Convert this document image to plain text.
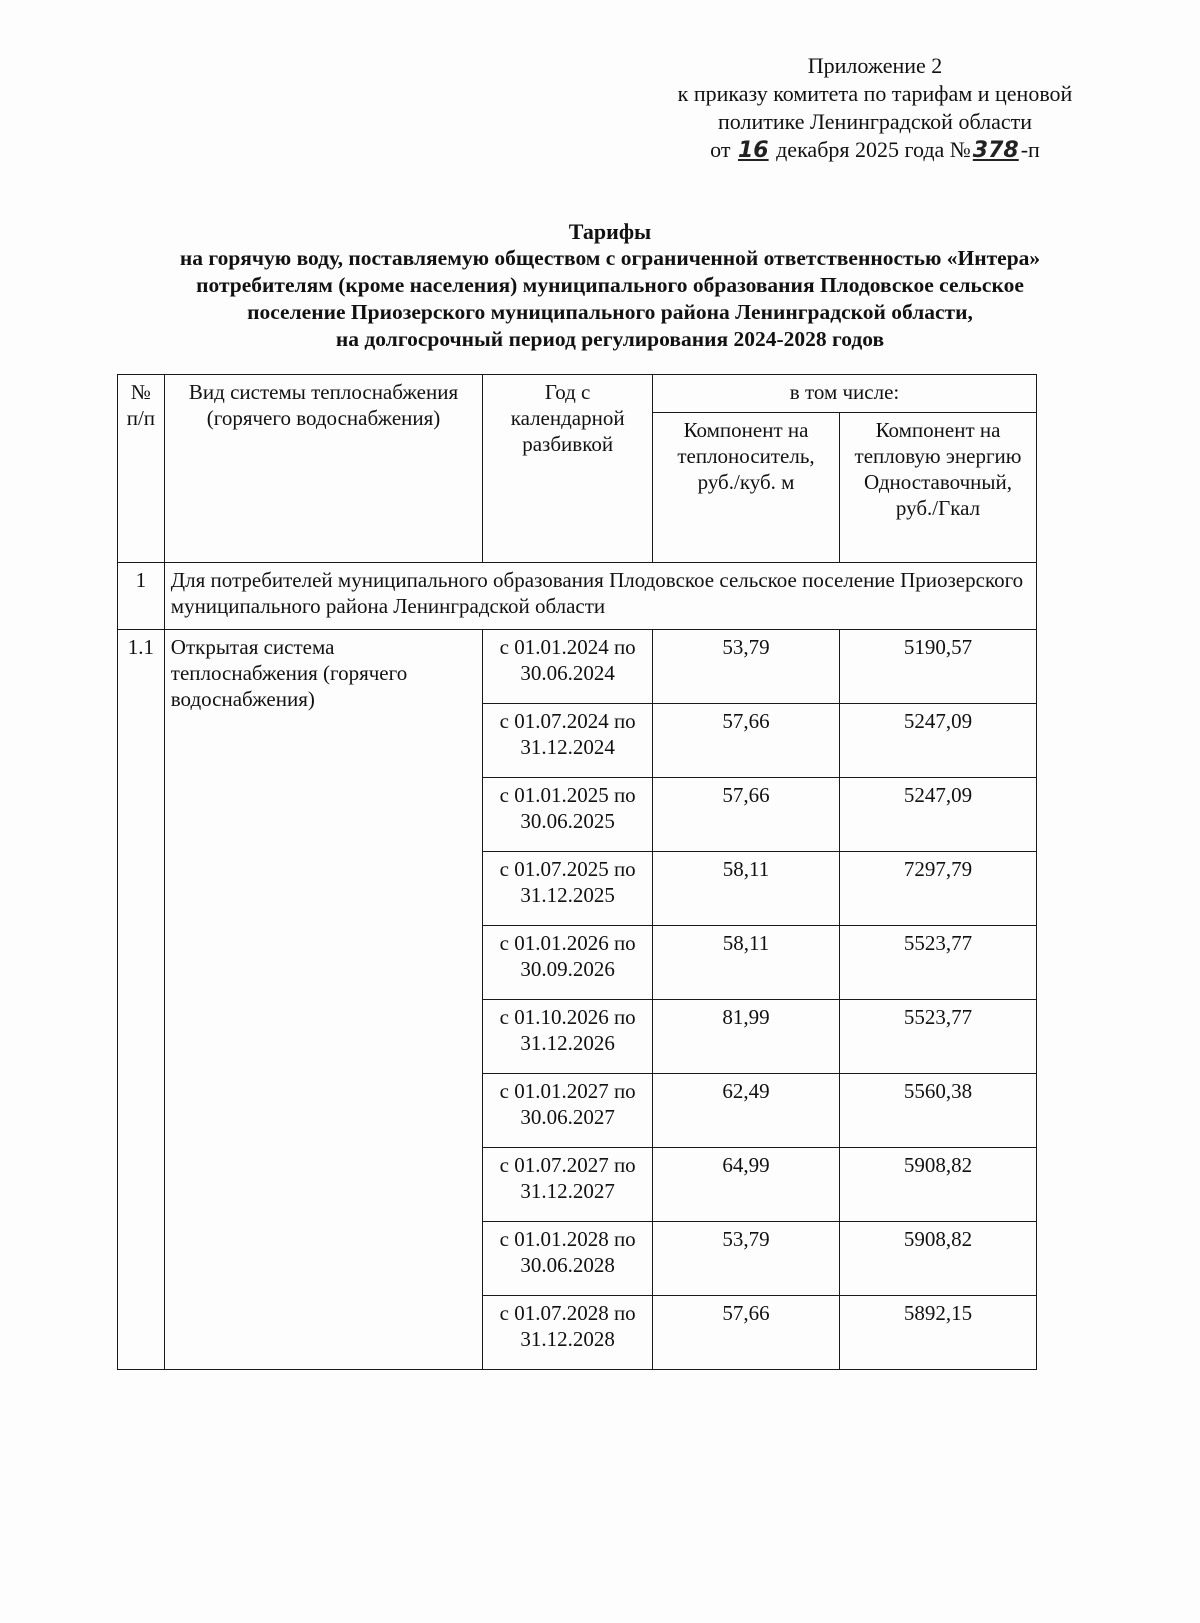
Приложение 2
к приказу комитета по тарифам и ценовой
политике Ленинградской области
от 16 декабря 2025 года №378-п
Тарифы
на горячую воду, поставляемую обществом с ограниченной ответственностью «Интера»
потребителям (кроме населения) муниципального образования Плодовское сельское
поселение Приозерского муниципального района Ленинградской области,
на долгосрочный период регулирования 2024-2028 годов
№ п/п	Вид системы теплоснабжения (горячего водоснабжения)	Год с календарной разбивкой	в том числе:	
			Компонент на теплоноситель, руб./куб. м	Компонент на тепловую энергию Одноставочный, руб./Гкал
1	Для потребителей муниципального образования Плодовское сельское поселение Приозерского муниципального района Ленинградской области			
1.1	Открытая система теплоснабжения (горячего водоснабжения)	с 01.01.2024 по 30.06.2024	53,79	5190,57
		с 01.07.2024 по 31.12.2024	57,66	5247,09
		с 01.01.2025 по 30.06.2025	57,66	5247,09
		с 01.07.2025 по 31.12.2025	58,11	7297,79
		с 01.01.2026 по 30.09.2026	58,11	5523,77
		с 01.10.2026 по 31.12.2026	81,99	5523,77
		с 01.01.2027 по 30.06.2027	62,49	5560,38
		с 01.07.2027 по 31.12.2027	64,99	5908,82
		с 01.01.2028 по 30.06.2028	53,79	5908,82
		с 01.07.2028 по 31.12.2028	57,66	5892,15
